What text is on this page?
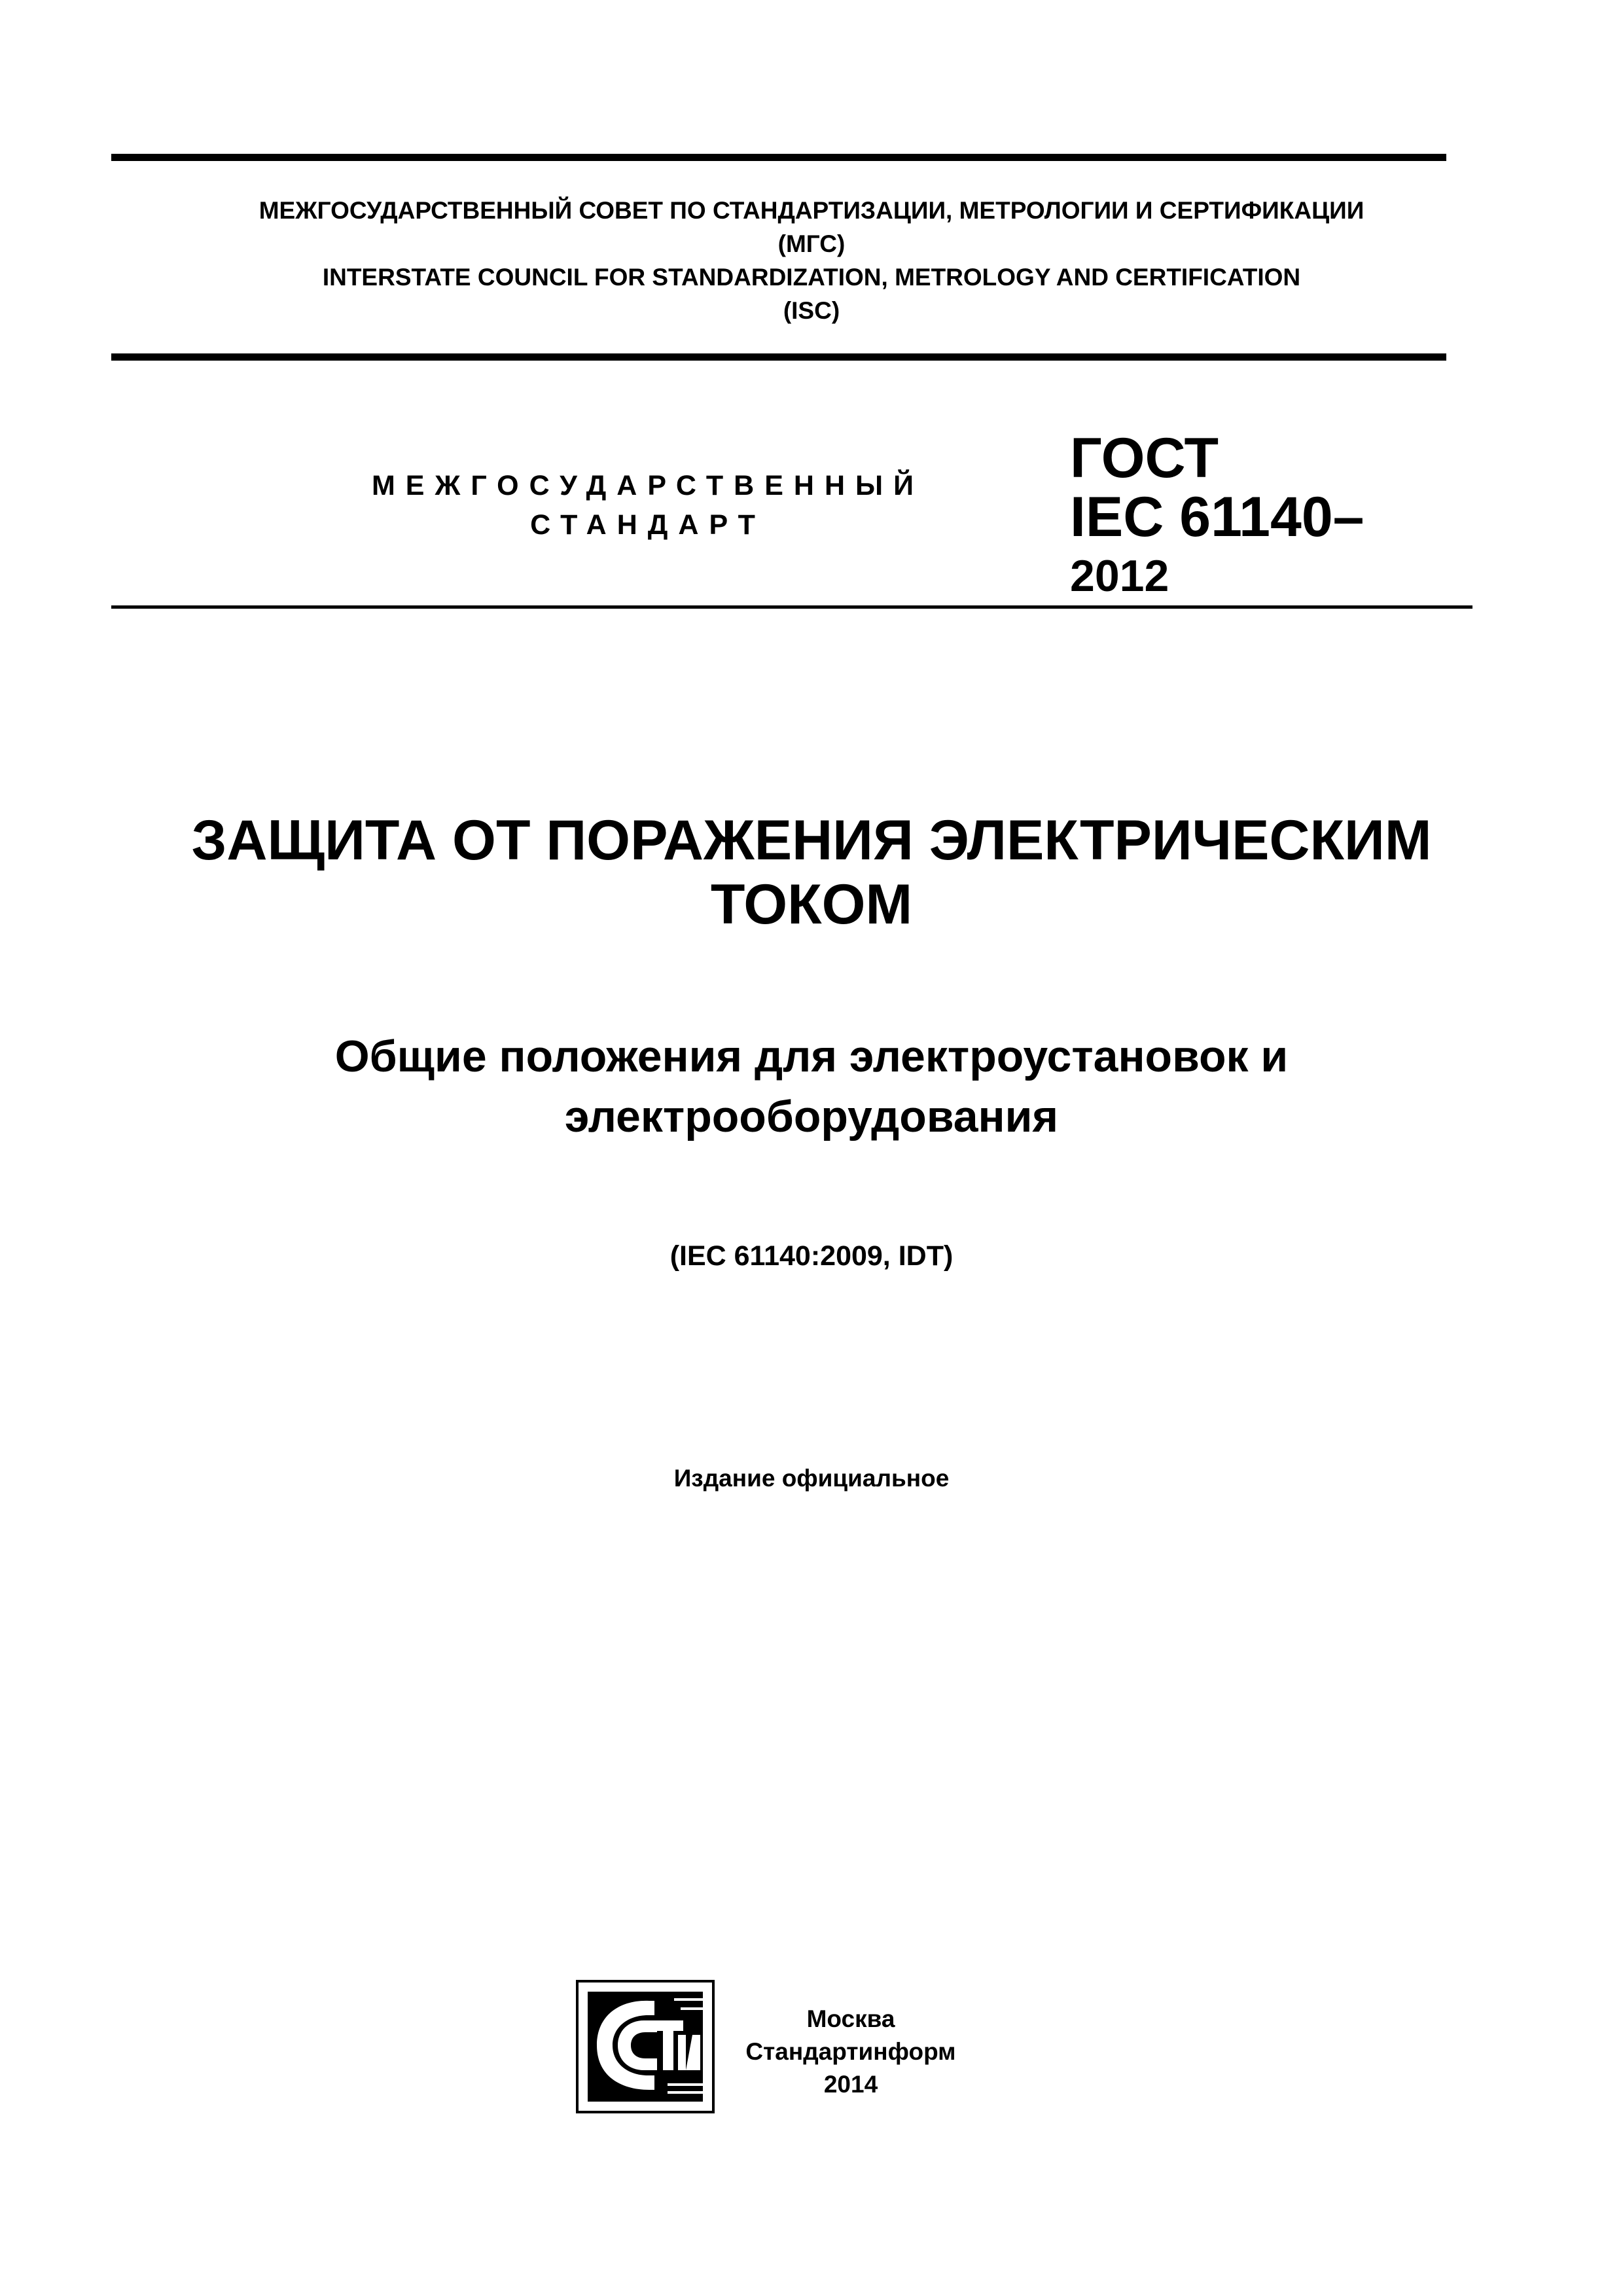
МЕЖГОСУДАРСТВЕННЫЙ СОВЕТ ПО СТАНДАРТИЗАЦИИ, МЕТРОЛОГИИ И СЕРТИФИКАЦИИ
(МГС)
INTERSTATE COUNCIL FOR STANDARDIZATION, METROLOGY AND CERTIFICATION
(ISC)
МЕЖГОСУДАРСТВЕННЫЙ
СТАНДАРТ
ГОСТ
IEC 61140–
2012
ЗАЩИТА ОТ ПОРАЖЕНИЯ ЭЛЕКТРИЧЕСКИМ
ТОКОМ
Общие положения для электроустановок и
электрооборудования
(IEC 61140:2009, IDT)
Издание официальное
Москва
Стандартинформ
2014
